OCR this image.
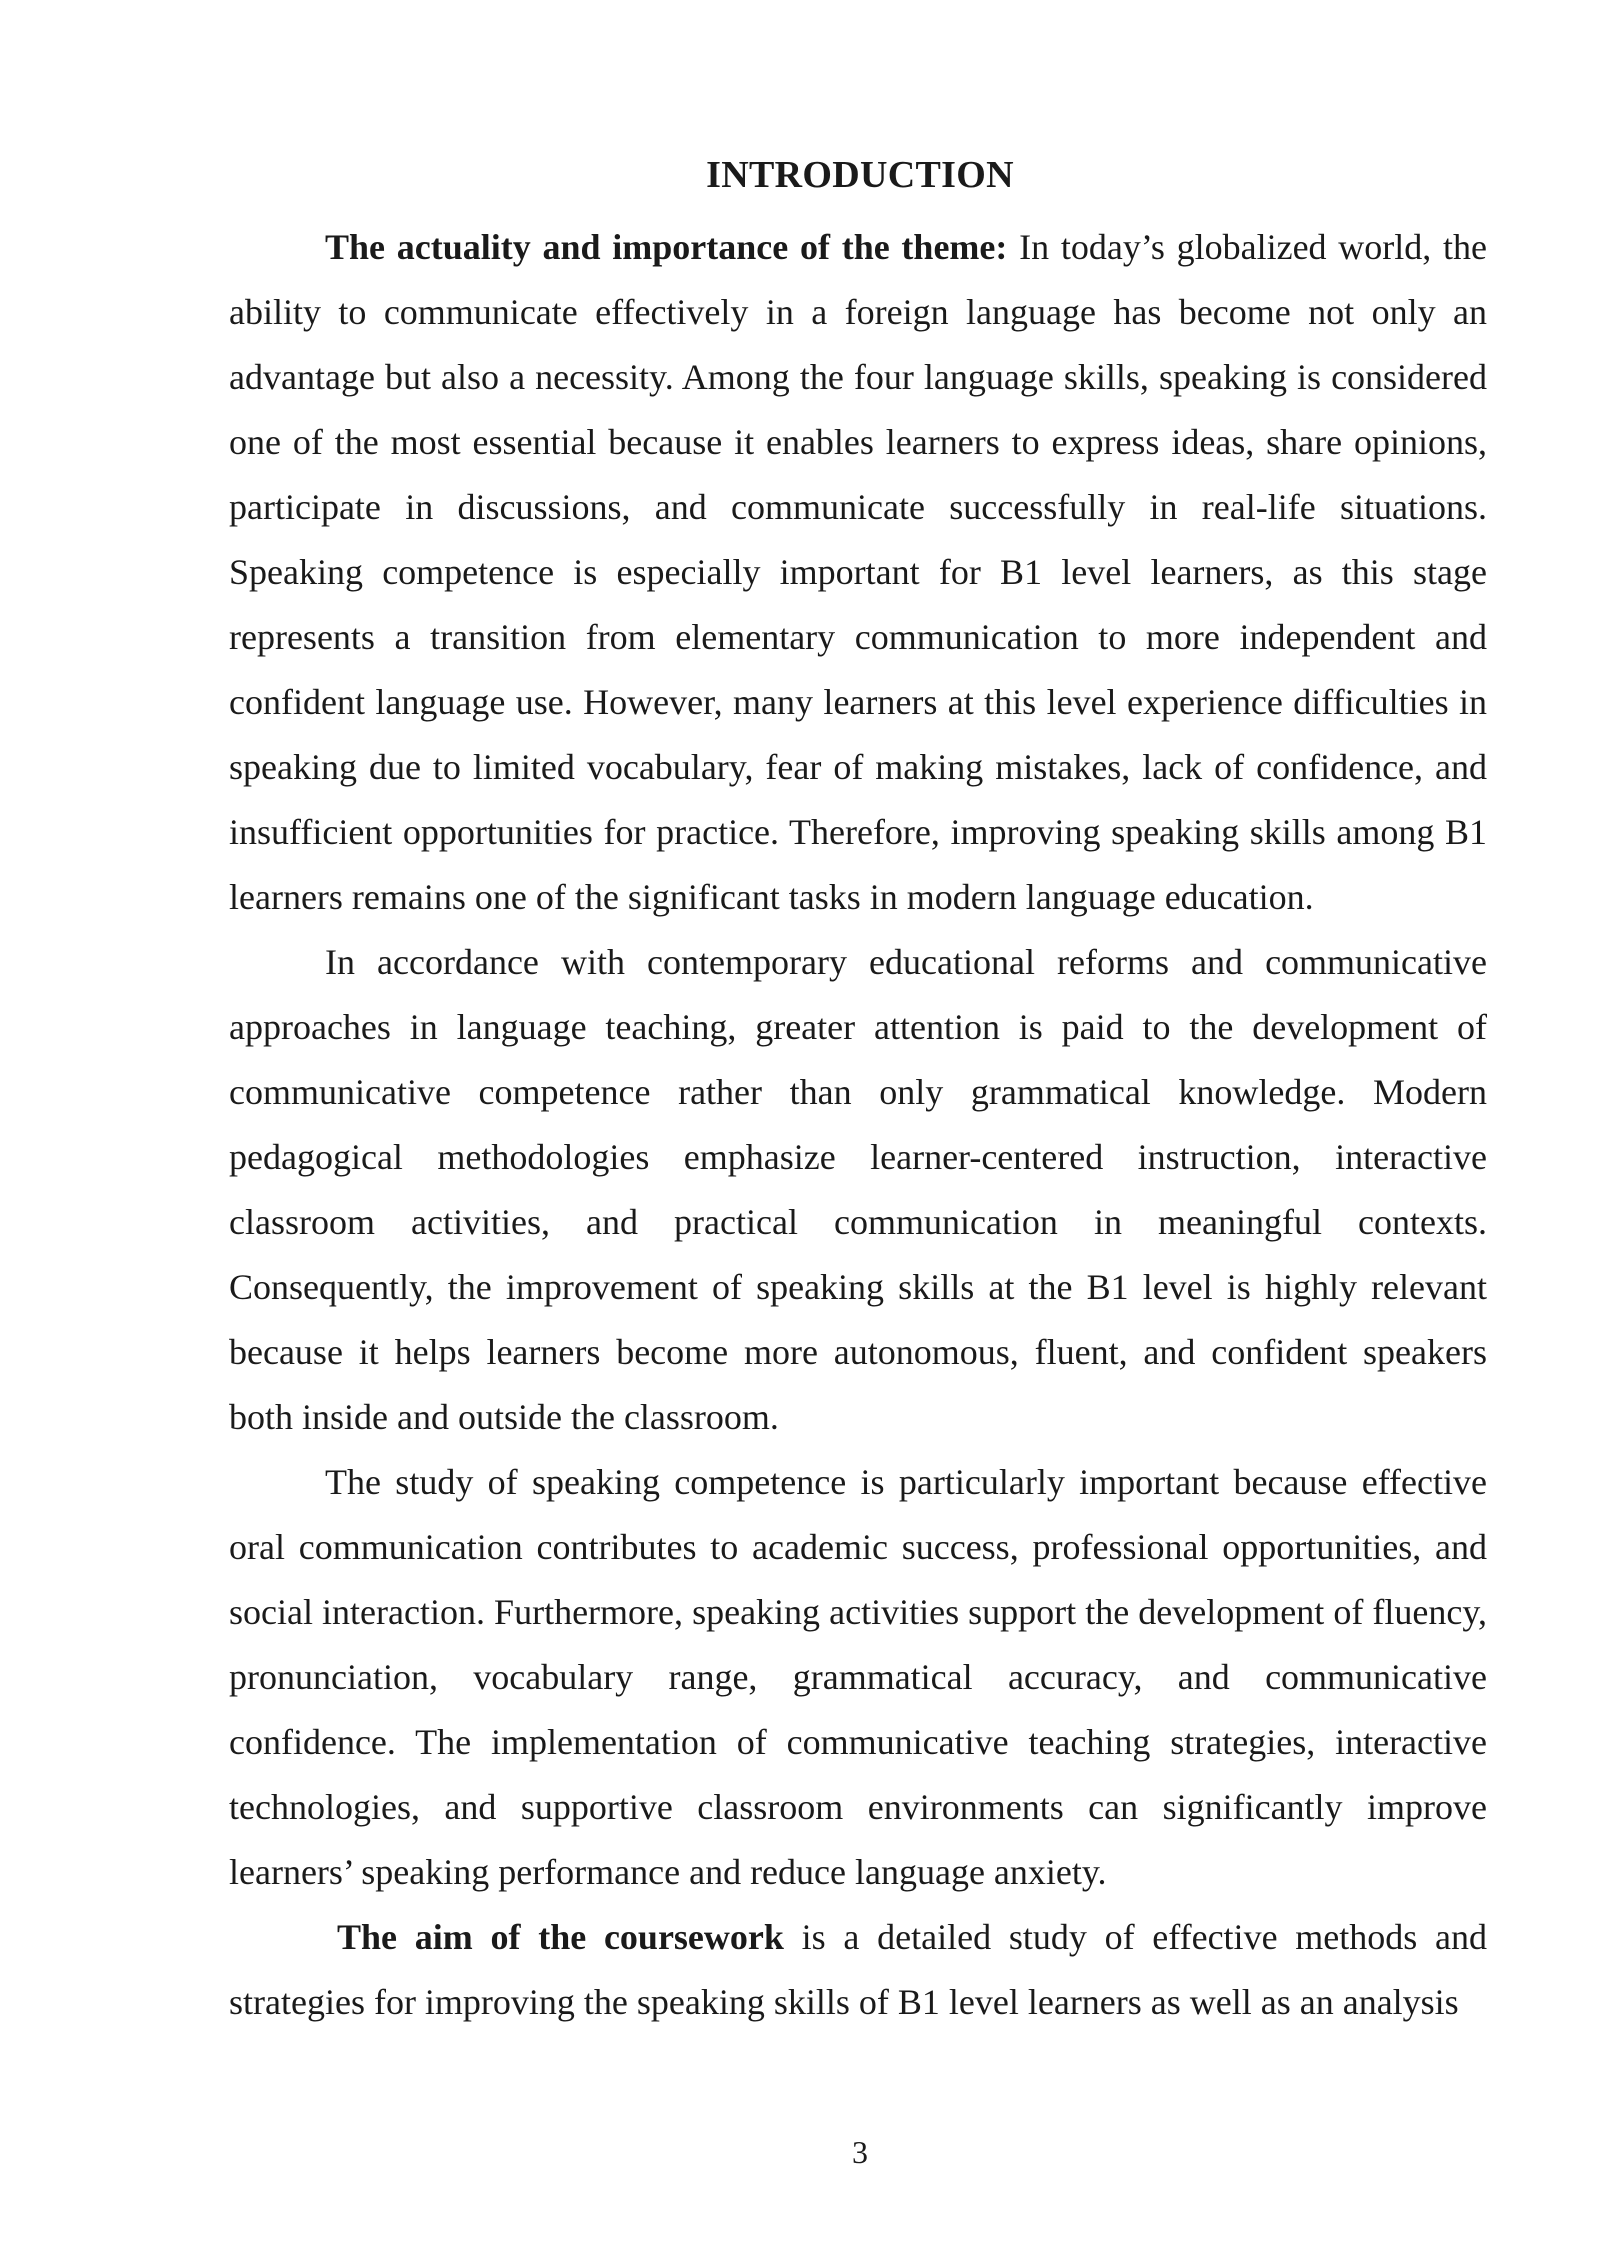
INTRODUCTION

The actuality and importance of the theme: In today’s globalized world, the ability to communicate effectively in a foreign language has become not only an advantage but also a necessity. Among the four language skills, speaking is considered one of the most essential because it enables learners to express ideas, share opinions, participate in discussions, and communicate successfully in real-life situations. Speaking competence is especially important for B1 level learners, as this stage represents a transition from elementary communication to more independent and confident language use. However, many learners at this level experience difficulties in speaking due to limited vocabulary, fear of making mistakes, lack of confidence, and insufficient opportunities for practice. Therefore, improving speaking skills among B1 learners remains one of the significant tasks in modern language education.

In accordance with contemporary educational reforms and communicative approaches in language teaching, greater attention is paid to the development of communicative competence rather than only grammatical knowledge. Modern pedagogical methodologies emphasize learner-centered instruction, interactive classroom activities, and practical communication in meaningful contexts. Consequently, the improvement of speaking skills at the B1 level is highly relevant because it helps learners become more autonomous, fluent, and confident speakers both inside and outside the classroom.

The study of speaking competence is particularly important because effective oral communication contributes to academic success, professional opportunities, and social interaction. Furthermore, speaking activities support the development of fluency, pronunciation, vocabulary range, grammatical accuracy, and communicative confidence. The implementation of communicative teaching strategies, interactive technologies, and supportive classroom environments can significantly improve learners’ speaking performance and reduce language anxiety.

The aim of the coursework is a detailed study of effective methods and strategies for improving the speaking skills of B1 level learners as well as an analysis

3
